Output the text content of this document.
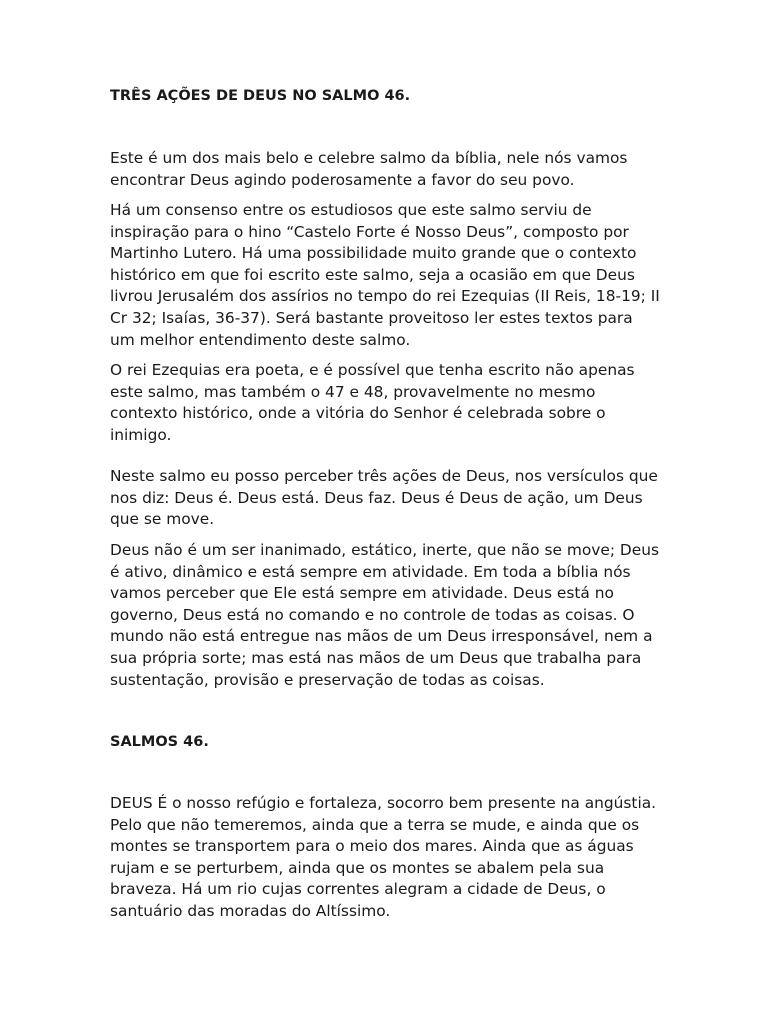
TRÊS AÇÕES DE DEUS NO SALMO 46.

Este é um dos mais belo e celebre salmo da bíblia, nele nós vamos encontrar Deus agindo poderosamente a favor do seu povo.

Há um consenso entre os estudiosos que este salmo serviu de inspiração para o hino “Castelo Forte é Nosso Deus”, composto por Martinho Lutero. Há uma possibilidade muito grande que o contexto histórico em que foi escrito este salmo, seja a ocasião em que Deus livrou Jerusalém dos assírios no tempo do rei Ezequias (II Reis, 18-19; II Cr 32; Isaías, 36-37). Será bastante proveitoso ler estes textos para um melhor entendimento deste salmo.

O rei Ezequias era poeta, e é possível que tenha escrito não apenas este salmo, mas também o 47 e 48, provavelmente no mesmo contexto histórico, onde a vitória do Senhor é celebrada sobre o inimigo.

Neste salmo eu posso perceber três ações de Deus, nos versículos que nos diz: Deus é. Deus está. Deus faz. Deus é Deus de ação, um Deus que se move.

Deus não é um ser inanimado, estático, inerte, que não se move; Deus é ativo, dinâmico e está sempre em atividade. Em toda a bíblia nós vamos perceber que Ele está sempre em atividade. Deus está no governo, Deus está no comando e no controle de todas as coisas. O mundo não está entregue nas mãos de um Deus irresponsável, nem a sua própria sorte; mas está nas mãos de um Deus que trabalha para sustentação, provisão e preservação de todas as coisas.

SALMOS 46.

DEUS É o nosso refúgio e fortaleza, socorro bem presente na angústia. Pelo que não temeremos, ainda que a terra se mude, e ainda que os montes se transportem para o meio dos mares. Ainda que as águas rujam e se perturbem, ainda que os montes se abalem pela sua braveza. Há um rio cujas correntes alegram a cidade de Deus, o santuário das moradas do Altíssimo.
